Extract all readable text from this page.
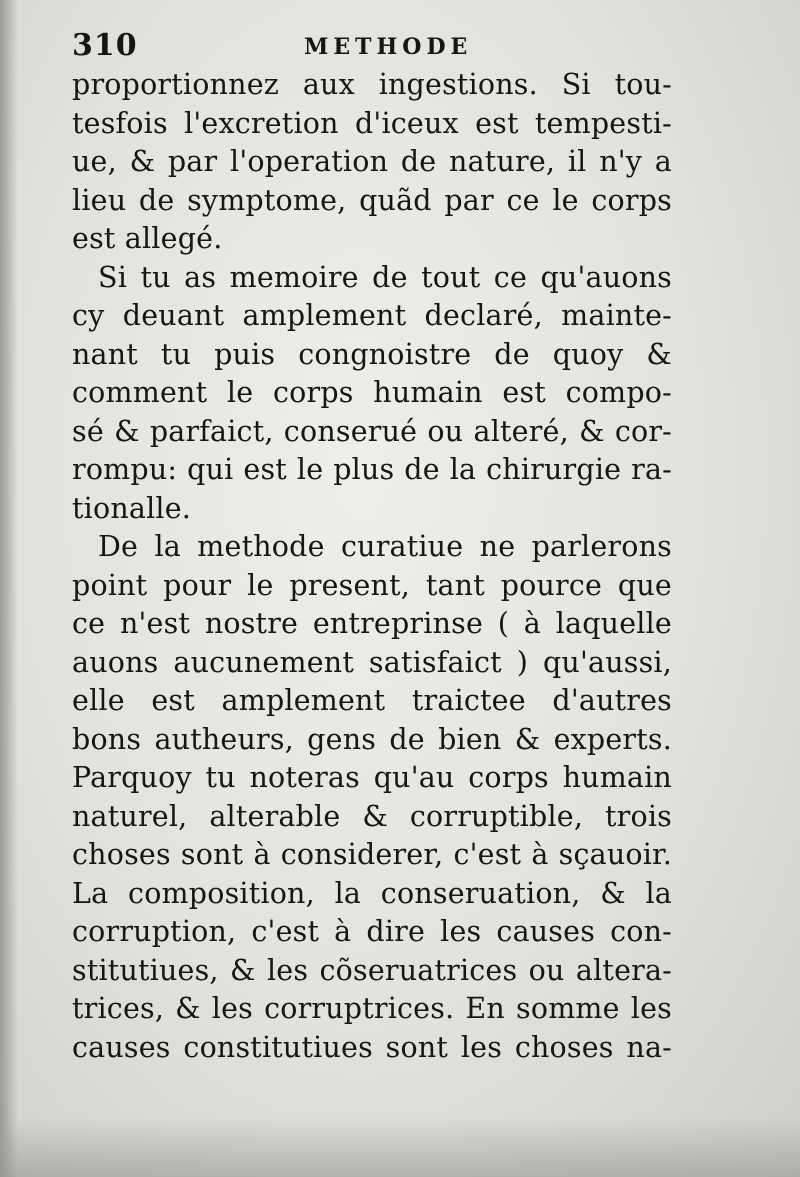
310	METHODE
proportionnez aux ingestions. Si tou-
tesfois l'excretion d'iceux est tempesti-
ue, & par l'operation de nature, il n'y a
lieu de symptome, quãd par ce le corps
est allegé.
Si tu as memoire de tout ce qu'auons
cy deuant amplement declaré, mainte-
nant tu puis congnoistre de quoy &
comment le corps humain est compo-
sé & parfaict, conserué ou alteré, & cor-
rompu: qui est le plus de la chirurgie ra-
tionalle.
De la methode curatiue ne parlerons
point pour le present, tant pource que
ce n'est nostre entreprinse ( à laquelle
auons aucunement satisfaict ) qu'aussi,
elle est amplement traictee d'autres
bons autheurs, gens de bien & experts.
Parquoy tu noteras qu'au corps humain
naturel, alterable & corruptible, trois
choses sont à considerer, c'est à sçauoir.
La composition, la conseruation, & la
corruption, c'est à dire les causes con-
stitutiues, & les cõseruatrices ou altera-
trices, & les corruptrices. En somme les
causes constitutiues sont les choses na-
